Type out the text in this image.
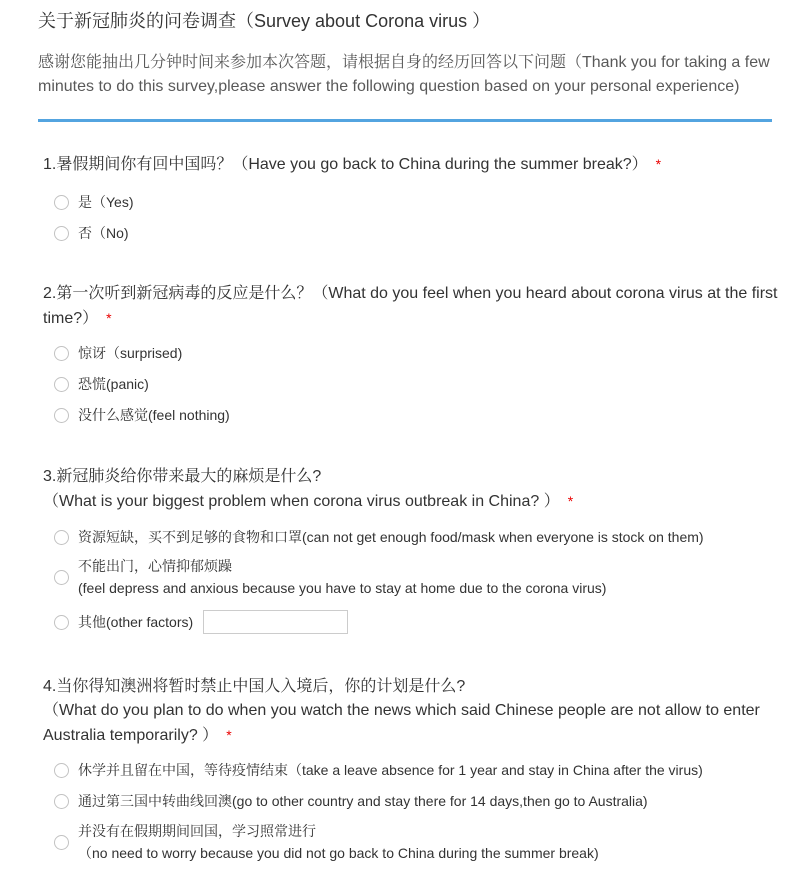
关于新冠肺炎的问卷调查（Survey about Corona virus ）
感谢您能抽出几分钟时间来参加本次答题，请根据自身的经历回答以下问题（Thank you for taking a few minutes to do this survey,please answer the following question based on your personal experience)
1.暑假期间你有回中国吗？（Have you go back to China during the summer break?） *
是（Yes)
否（No)
2.第一次听到新冠病毒的反应是什么？（What do you feel when you heard about corona virus at the first time?） *
惊讶（surprised)
恐慌(panic)
没什么感觉(feel nothing)
3.新冠肺炎给你带来最大的麻烦是什么?
（What is your biggest problem when corona virus outbreak in China? ） *
资源短缺，买不到足够的食物和口罩(can not get enough food/mask when everyone is stock on them)
不能出门，心情抑郁烦躁
(feel depress and anxious because you have to stay at home due to the corona virus)
其他(other factors)
4.当你得知澳洲将暂时禁止中国人入境后，你的计划是什么?
（What do you plan to do when you watch the news which said Chinese people are not allow to enter Australia temporarily? ） *
休学并且留在中国，等待疫情结束（take a leave absence for 1 year and stay in China after the virus)
通过第三国中转曲线回澳(go to other country and stay there for 14 days,then go to Australia)
并没有在假期期间回国，学习照常进行
（no need to worry because you did not go back to China during the summer break)
